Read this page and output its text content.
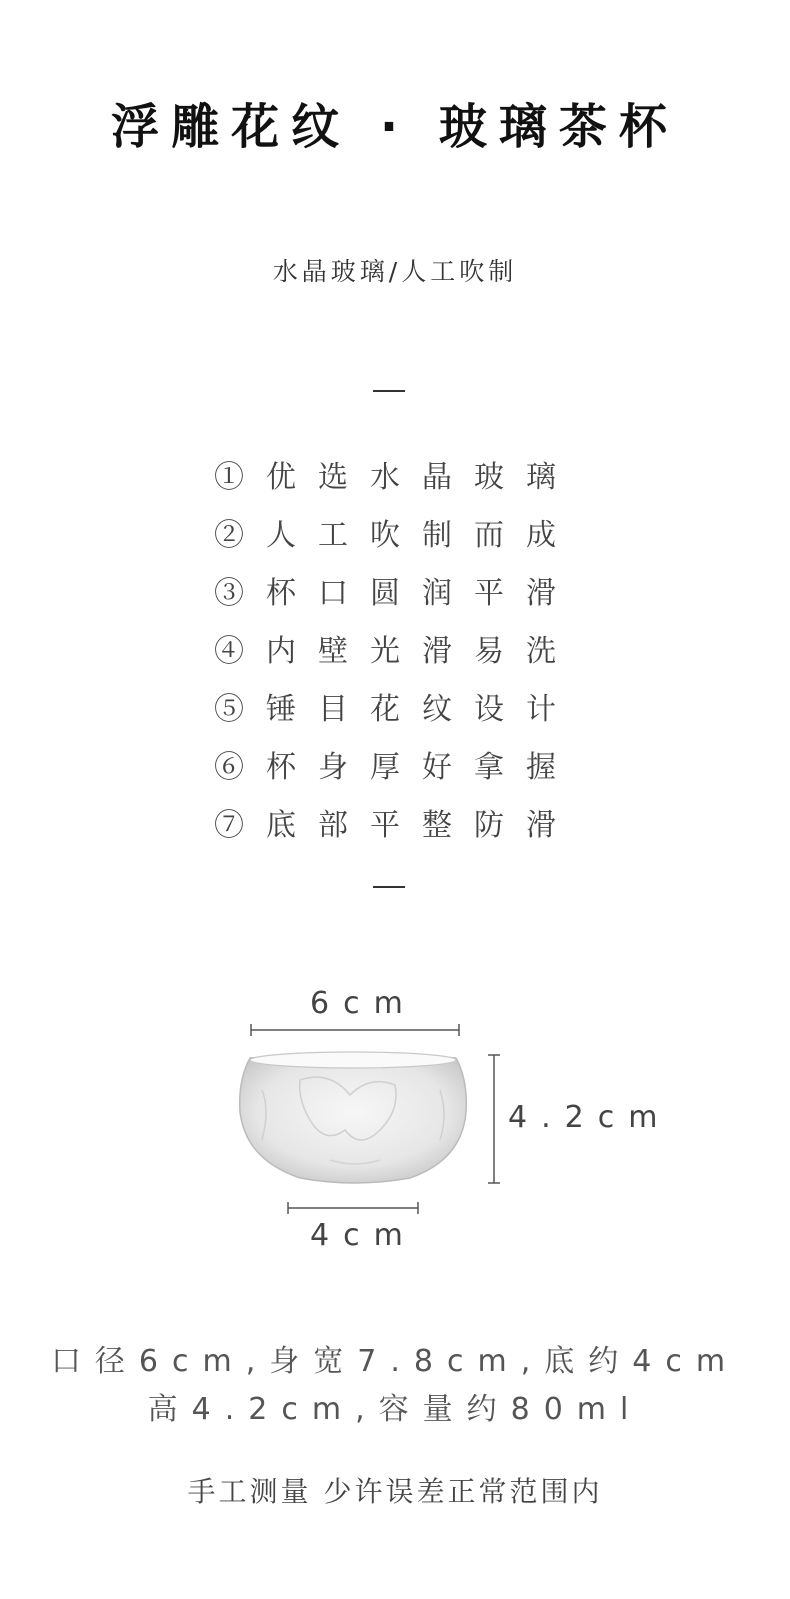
浮雕花纹 · 玻璃茶杯
水晶玻璃/人工吹制
①优选水晶玻璃
②人工吹制而成
③杯口圆润平滑
④内壁光滑易洗
⑤锤目花纹设计
⑥杯身厚好拿握
⑦底部平整防滑
6cm
4.2cm
4cm
口径6cm,身宽7.8cm,底约4cm
高4.2cm,容量约80ml
手工测量 少许误差正常范围内
